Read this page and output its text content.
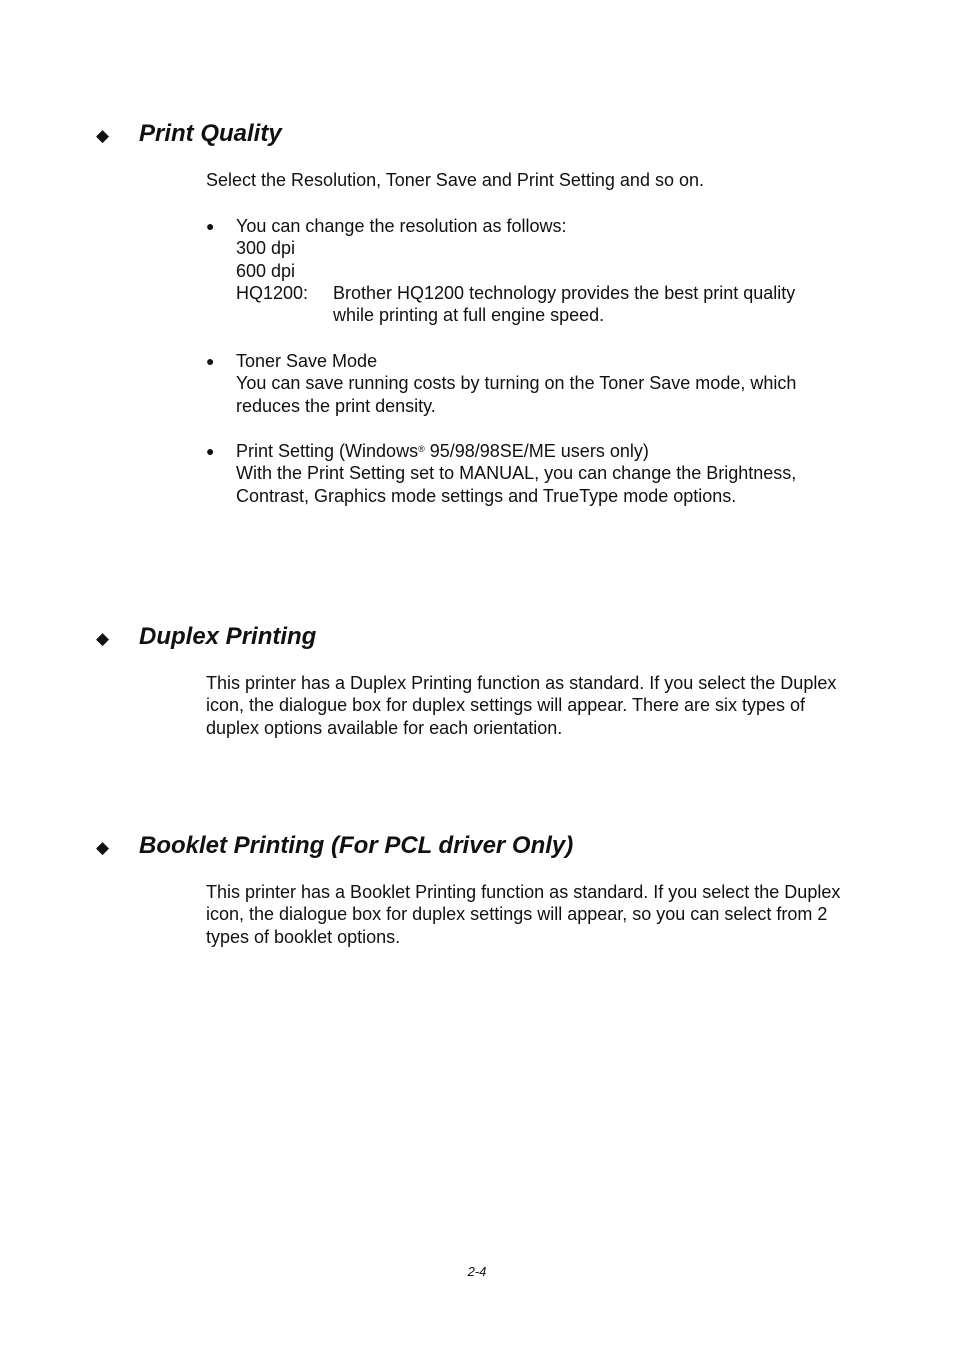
◆	Print Quality

Select the Resolution, Toner Save and Print Setting and so on.

●	You can change the resolution as follows:
300 dpi
600 dpi
HQ1200:	Brother HQ1200 technology provides the best print quality while printing at full engine speed.
●	Toner Save Mode
You can save running costs by turning on the Toner Save mode, which reduces the print density.
●	Print Setting (Windows® 95/98/98SE/ME users only)
With the Print Setting set to MANUAL, you can change the Brightness, Contrast, Graphics mode settings and TrueType mode options.
◆	Duplex Printing

This printer has a Duplex Printing function as standard. If you select the Duplex icon, the dialogue box for duplex settings will appear. There are six types of duplex options available for each orientation.

◆	Booklet Printing (For PCL driver Only)

This printer has a Booklet Printing function as standard. If you select the Duplex icon, the dialogue box for duplex settings will appear, so you can select from 2 types of booklet options.

2-4
